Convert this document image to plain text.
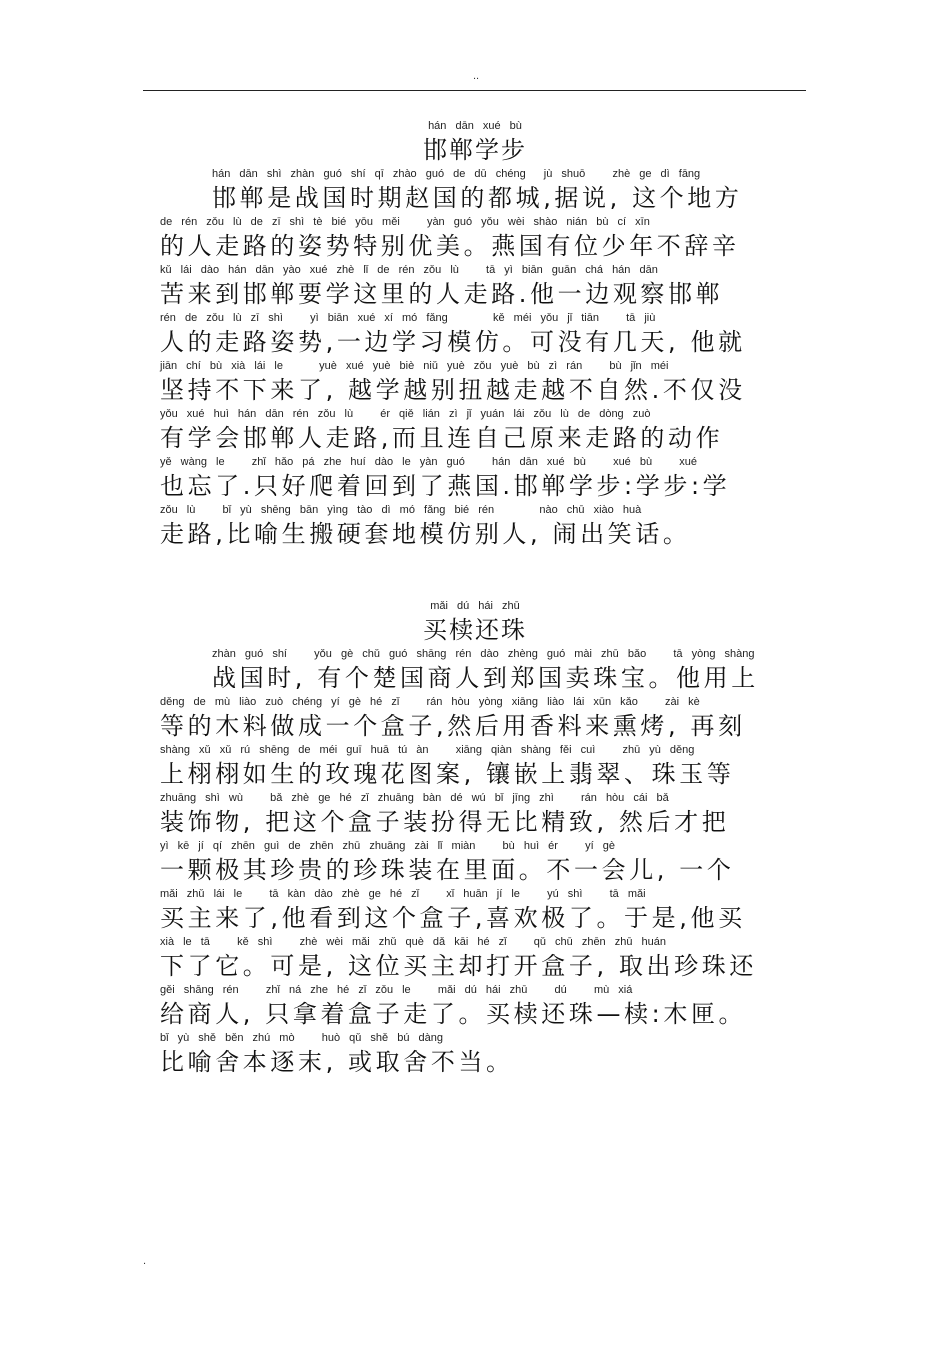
..
hán dān xué bù
邯郸学步
hán dān shì zhàn guó shí qī zhào guó de dū chéng  jù shuō   zhè ge dì fāng
邯郸是战国时期赵国的都城,据说, 这个地方
de rén zǒu lù de zī shì tè bié yōu měi   yàn guó yǒu wèi shào nián bù cí xīn
的人走路的姿势特别优美。燕国有位少年不辞辛
kǔ lái dào hán dān yào xué zhè lǐ de rén zǒu lù   tā yì biān guān chá hán dān
苦来到邯郸要学这里的人走路.他一边观察邯郸
rén de zǒu lù zī shì   yì biān xué xí mó fǎng     kě méi yǒu jǐ tiān   tā jiù
人的走路姿势,一边学习模仿。可没有几天, 他就
jiān chí bù xià lái le    yuè xué yuè biè niǔ yuè zǒu yuè bù zì rán   bù jǐn méi
坚持不下来了, 越学越别扭越走越不自然.不仅没
yǒu xué huì hán dān rén zǒu lù   ér qiě lián zì jǐ yuán lái zǒu lù de dòng zuò
有学会邯郸人走路,而且连自己原来走路的动作
yě wàng le   zhǐ hǎo pá zhe huí dào le yàn guó   hán dān xué bù   xué bù   xué
也忘了.只好爬着回到了燕国.邯郸学步:学步:学
zǒu lù   bǐ yù shēng bān yìng tào dì mó fǎng bié rén     nào chū xiào huà
走路,比喻生搬硬套地模仿别人, 闹出笑话。
mǎi dú hái zhū
买椟还珠
zhàn guó shí   yǒu gè chǔ guó shāng rén dào zhèng guó mài zhū bǎo   tā yòng shàng
战国时, 有个楚国商人到郑国卖珠宝。他用上
děng de mù liào zuò chéng yí gè hé zǐ   rán hòu yòng xiāng liào lái xūn kǎo   zài kè
等的木料做成一个盒子,然后用香料来熏烤, 再刻
shàng xǔ xǔ rú shēng de méi guī huā tú àn   xiāng qiàn shàng fěi cuì   zhū yù děng
上栩栩如生的玫瑰花图案, 镶嵌上翡翠、珠玉等
zhuāng shì wù   bǎ zhè ge hé zǐ zhuāng bàn dé wú bǐ jīng zhì   rán hòu cái bǎ
装饰物, 把这个盒子装扮得无比精致, 然后才把
yì kē jí qí zhēn guì de zhēn zhū zhuāng zài lǐ miàn   bù huì ér   yí gè
一颗极其珍贵的珍珠装在里面。不一会儿, 一个
mǎi zhǔ lái le   tā kàn dào zhè ge hé zǐ   xǐ huān jí le   yú shì   tā mǎi
买主来了,他看到这个盒子,喜欢极了。于是,他买
xià le tā   kě shì   zhè wèi mǎi zhǔ què dǎ kāi hé zǐ   qǔ chū zhēn zhū huán
下了它。可是, 这位买主却打开盒子, 取出珍珠还
gěi shāng rén   zhǐ ná zhe hé zǐ zǒu le   mǎi dú hái zhū   dú   mù xiá
给商人, 只拿着盒子走了。买椟还珠—椟:木匣。
bǐ yù shě běn zhú mò   huò qǔ shě bú dàng
比喻舍本逐末, 或取舍不当。
.
